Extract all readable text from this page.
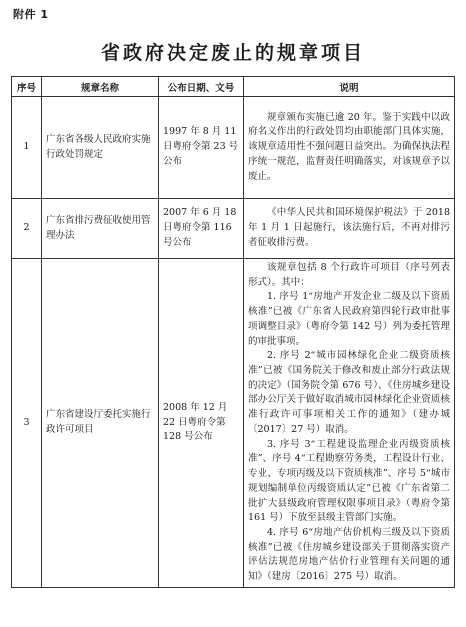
附件 1
省政府决定废止的规章项目
序号	规章名称	公布日期、文号	说明
1	广东省各级人民政府实施行政处罚规定	1997 年 8 月 11 日粤府令第 23 号公布	规章颁布实施已逾 20 年。鉴于实践中以政府名义作出的行政处罚均由职能部门具体实施，该规章适用性不强问题日益突出。为确保执法程序统一规范，监督责任明确落实，对该规章予以废止。

2	广东省排污费征收使用管理办法	2007 年 6 月 18 日粤府令第 116 号公布	《中华人民共和国环境保护税法》于 2018 年 1 月 1 日起施行，该法施行后，不再对排污者征收排污费。

3	广东省建设厅委托实施行政许可项目	2008 年 12 月 22 日粤府令第 128 号公布	该规章包括 8 个行政许可项目（序号列表形式）。其中：

1. 序号 1“房地产开发企业二级及以下资质核准”已被《广东省人民政府第四轮行政审批事项调整目录》（粤府令第 142 号）列为委托管理的审批事项。

2. 序号 2“城市园林绿化企业二级资质核准”已被《国务院关于修改和废止部分行政法规的决定》（国务院令第 676 号）、《住房城乡建设部办公厅关于做好取消城市园林绿化企业资质核准行政许可事项相关工作的通知》（建办城〔2017〕27 号）取消。

3. 序号 3“工程建设监理企业丙级资质核准”、序号 4“工程勘察劳务类，工程设计行业、专业、专项丙级及以下资质核准”、序号 5“城市规划编制单位丙级资质认定”已被《广东省第二批扩大县级政府管理权限事项目录》（粤府令第 161 号）下放至县级主管部门实施。

4. 序号 6“房地产估价机构三级及以下资质核准”已被《住房城乡建设部关于贯彻落实资产评估法规范房地产估价行业管理有关问题的通知》（建房〔2016〕275 号）取消。
